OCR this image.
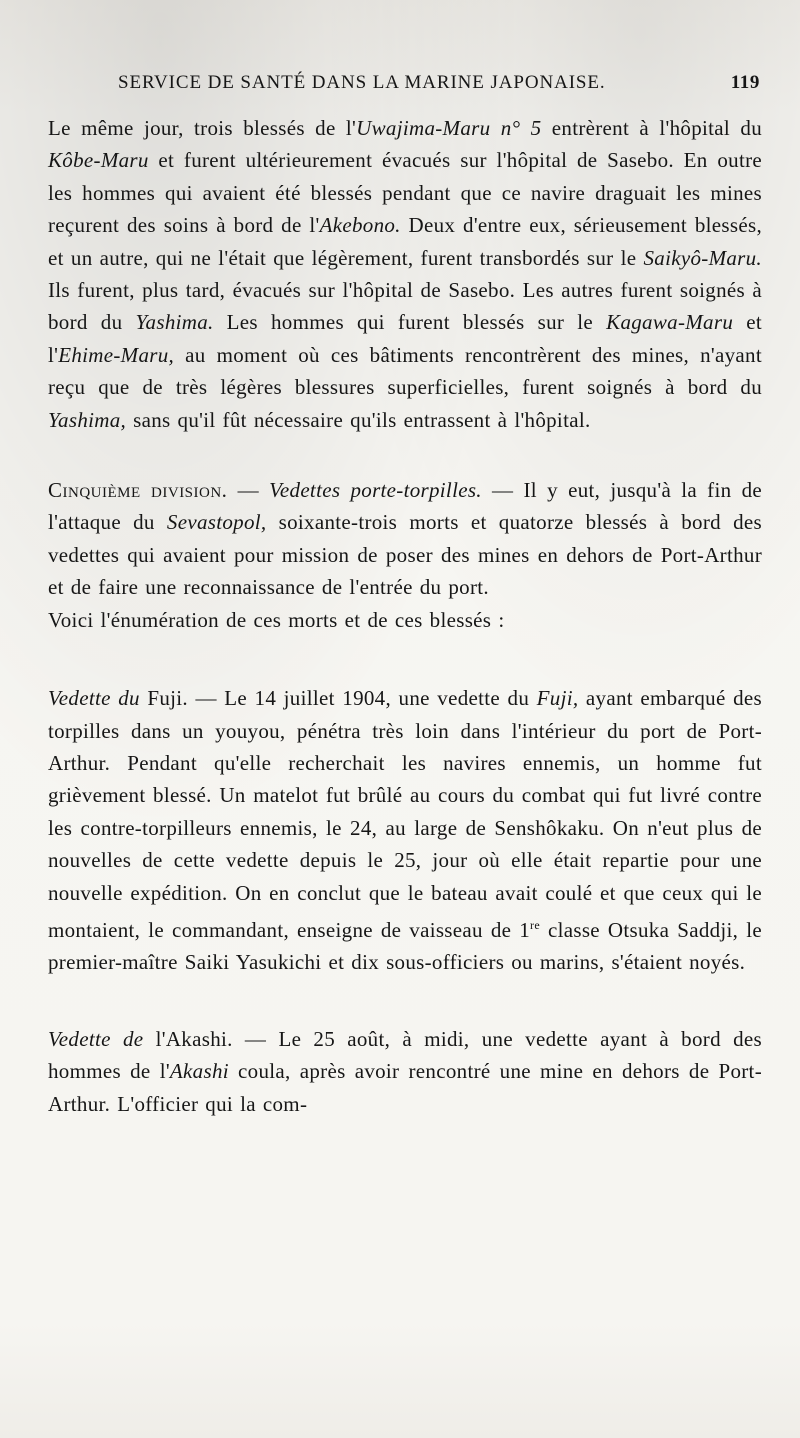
SERVICE DE SANTÉ DANS LA MARINE JAPONAISE.	119

Le même jour, trois blessés de l'Uwajima-Maru n° 5 entrèrent à l'hôpital du Kôbe-Maru et furent ultérieurement évacués sur l'hôpital de Sasebo. En outre les hommes qui avaient été blessés pendant que ce navire draguait les mines reçurent des soins à bord de l'Akebono. Deux d'entre eux, sérieusement blessés, et un autre, qui ne l'était que légèrement, furent transbordés sur le Saikyô-Maru. Ils furent, plus tard, évacués sur l'hôpital de Sasebo. Les autres furent soignés à bord du Yashima. Les hommes qui furent blessés sur le Kagawa-Maru et l'Ehime-Maru, au moment où ces bâtiments rencontrèrent des mines, n'ayant reçu que de très légères blessures superficielles, furent soignés à bord du Yashima, sans qu'il fût nécessaire qu'ils entrassent à l'hôpital.

Cinquième division. — Vedettes porte-torpilles. — Il y eut, jusqu'à la fin de l'attaque du Sevastopol, soixante-trois morts et quatorze blessés à bord des vedettes qui avaient pour mission de poser des mines en dehors de Port-Arthur et de faire une reconnaissance de l'entrée du port.

Voici l'énumération de ces morts et de ces blessés :

Vedette du Fuji. — Le 14 juillet 1904, une vedette du Fuji, ayant embarqué des torpilles dans un youyou, pénétra très loin dans l'intérieur du port de Port-Arthur. Pendant qu'elle recherchait les navires ennemis, un homme fut grièvement blessé. Un matelot fut brûlé au cours du combat qui fut livré contre les contre-torpilleurs ennemis, le 24, au large de Senshôkaku. On n'eut plus de nouvelles de cette vedette depuis le 25, jour où elle était repartie pour une nouvelle expédition. On en conclut que le bateau avait coulé et que ceux qui le montaient, le commandant, enseigne de vaisseau de 1re classe Otsuka Saddji, le premier-maître Saiki Yasukichi et dix sous-officiers ou marins, s'étaient noyés.

Vedette de l'Akashi. — Le 25 août, à midi, une vedette ayant à bord des hommes de l'Akashi coula, après avoir rencontré une mine en dehors de Port-Arthur. L'officier qui la com-
